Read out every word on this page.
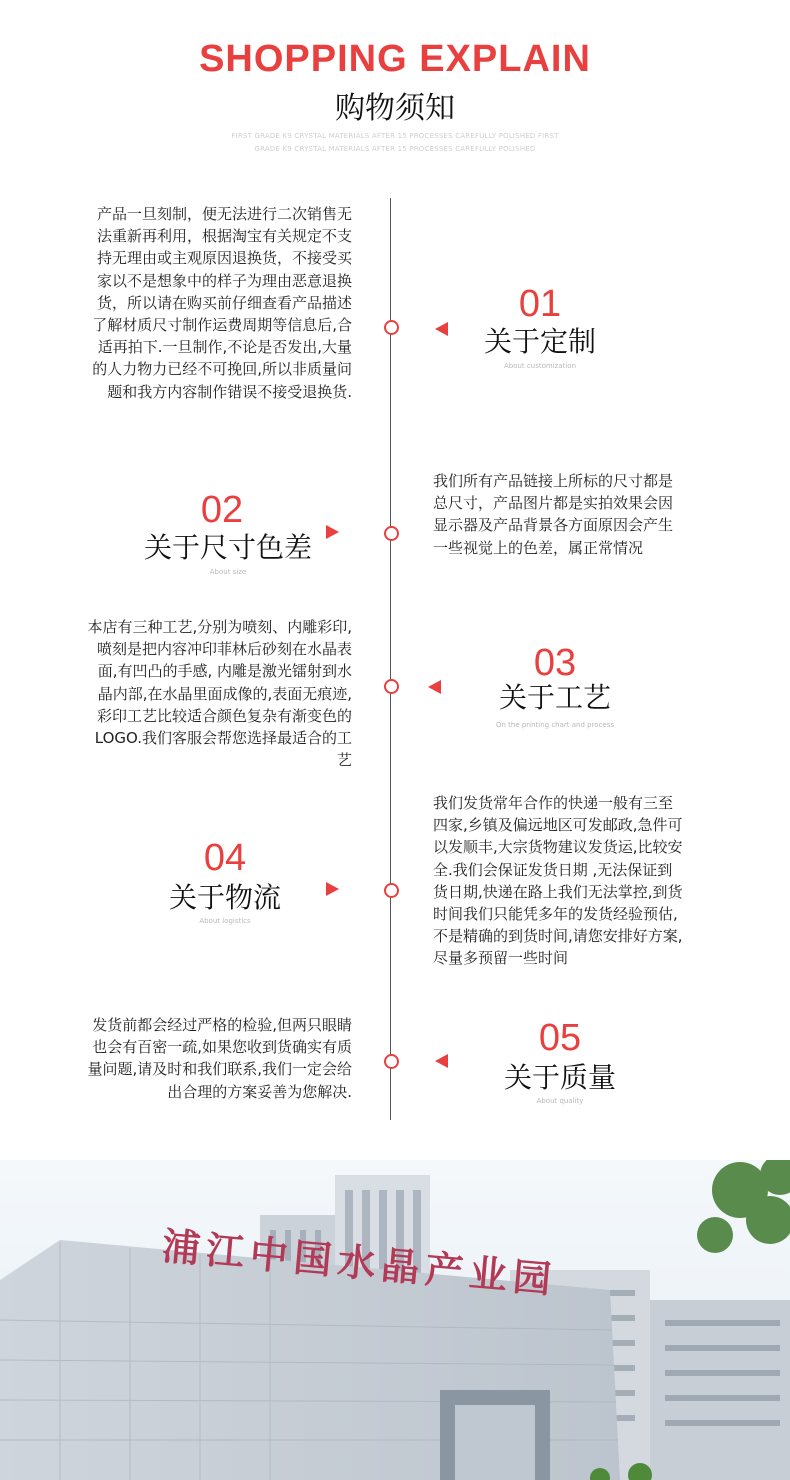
SHOPPING EXPLAIN
购物须知
FIRST GRADE K9 CRYSTAL MATERIALS AFTER 15 PROCESSES CAREFULLY POLISHED FIRST GRADE K9 CRYSTAL MATERIALS AFTER 15 PROCESSES CAREFULLY POLISHED
产品一旦刻制，便无法进行二次销售无法重新再利用，根据淘宝有关规定不支持无理由或主观原因退换货，不接受买家以不是想象中的样子为理由恶意退换货，所以请在购买前仔细查看产品描述了解材质尺寸制作运费周期等信息后,合适再拍下.一旦制作,不论是否发出,大量的人力物力已经不可挽回,所以非质量问题和我方内容制作错误不接受退换货.
01
关于定制
About customization
02
关于尺寸色差
About size
我们所有产品链接上所标的尺寸都是总尺寸，产品图片都是实拍效果会因显示器及产品背景各方面原因会产生一些视觉上的色差，属正常情况
本店有三种工艺,分别为喷刻、内雕彩印,喷刻是把内容冲印菲林后砂刻在水晶表面,有凹凸的手感, 内雕是激光镭射到水晶内部,在水晶里面成像的,表面无痕迹,彩印工艺比较适合颜色复杂有渐变色的LOGO.我们客服会帮您选择最适合的工艺
03
关于工艺
On the printing chart and process
04
关于物流
About logistics
我们发货常年合作的快递一般有三至四家,乡镇及偏远地区可发邮政,急件可以发顺丰,大宗货物建议发货运,比较安全.我们会保证发货日期 ,无法保证到货日期,快递在路上我们无法掌控,到货时间我们只能凭多年的发货经验预估,不是精确的到货时间,请您安排好方案,尽量多预留一些时间
发货前都会经过严格的检验,但两只眼睛也会有百密一疏,如果您收到货确实有质量问题,请及时和我们联系,我们一定会给出合理的方案妥善为您解决.
05
关于质量
About quality
浦江中国水晶产业园
